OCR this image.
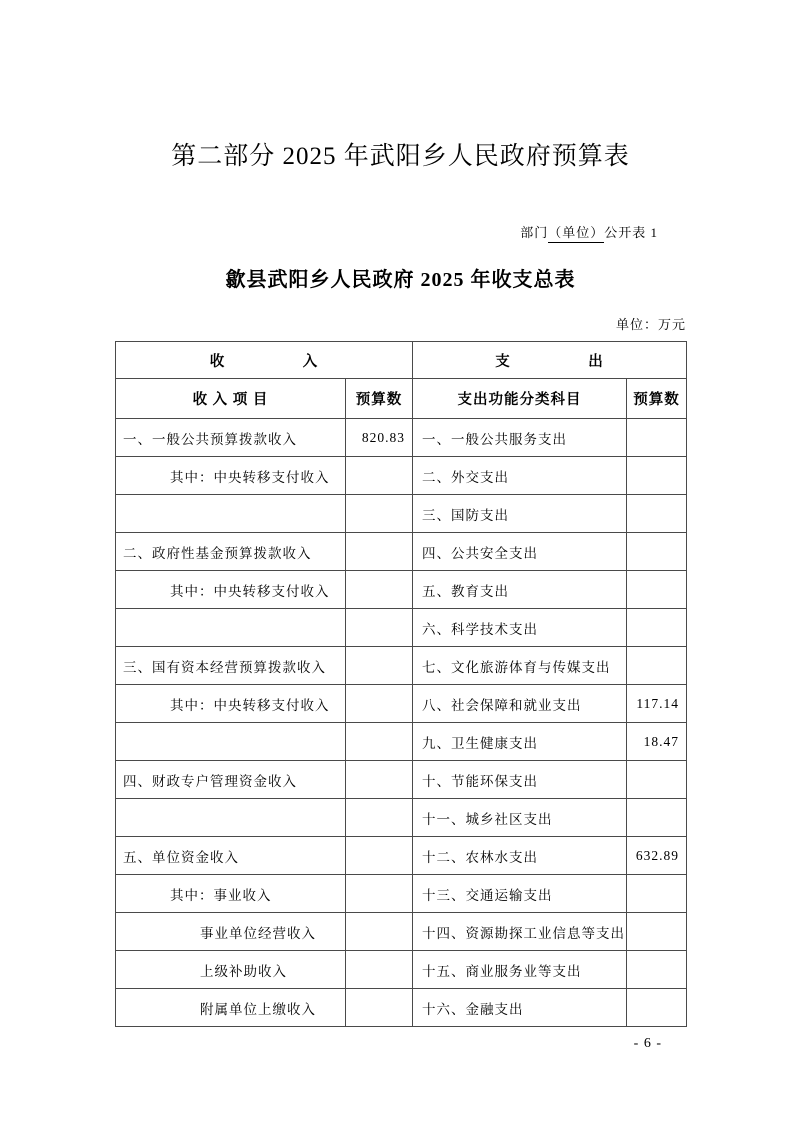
第二部分 2025 年武阳乡人民政府预算表
部门（单位）公开表 1
歙县武阳乡人民政府 2025 年收支总表
单位：万元
收　　　　　入		支　　　　　出	
收 入 项 目	预算数	支出功能分类科目	预算数
一、一般公共预算拨款收入	820.83	一、一般公共服务支出	
其中：中央转移支付收入		二、外交支出	
		三、国防支出	
二、政府性基金预算拨款收入		四、公共安全支出	
其中：中央转移支付收入		五、教育支出	
		六、科学技术支出	
三、国有资本经营预算拨款收入		七、文化旅游体育与传媒支出	
其中：中央转移支付收入		八、社会保障和就业支出	117.14
		九、卫生健康支出	18.47
四、财政专户管理资金收入		十、节能环保支出	
		十一、城乡社区支出	
五、单位资金收入		十二、农林水支出	632.89
其中：事业收入		十三、交通运输支出	
事业单位经营收入		十四、资源勘探工业信息等支出	
上级补助收入		十五、商业服务业等支出	
附属单位上缴收入		十六、金融支出	
- 6 -
